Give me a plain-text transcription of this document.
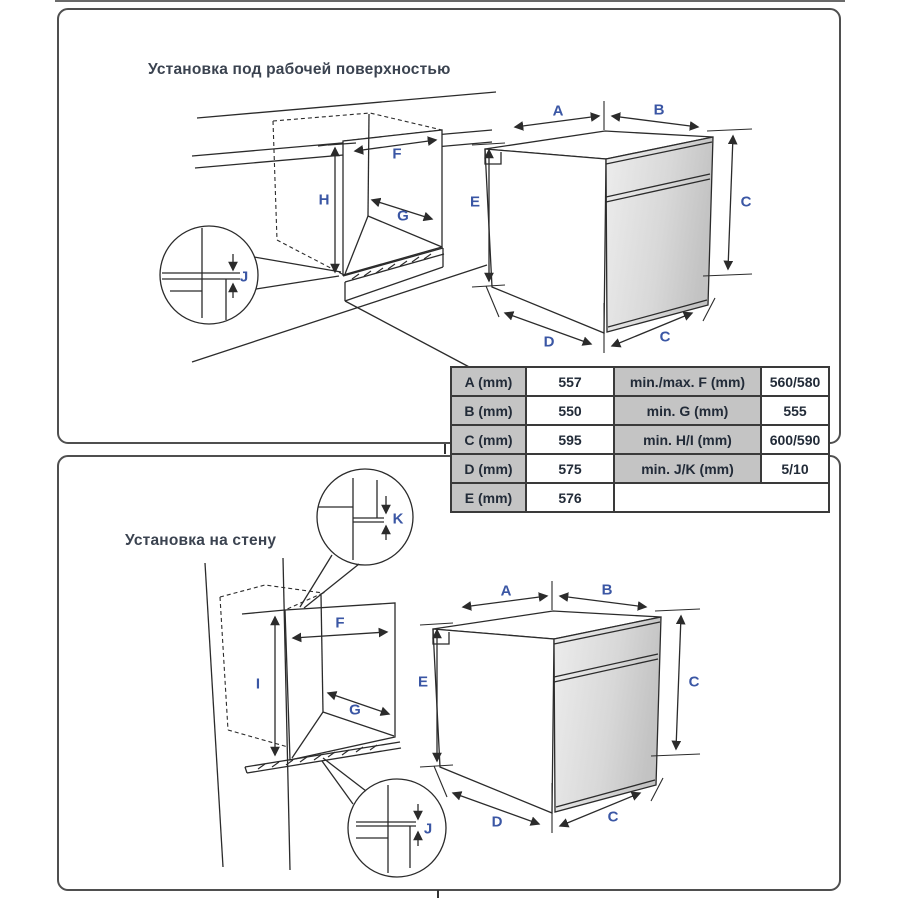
Установка под рабочей поверхностью
Установка на стену
F
H
G
J
K
F
I
G
J
A	B
E	C
D	C
A	B
E	C
D	C
A (mm)	557	min./max. F (mm)	560/580
B (mm)	550	min. G (mm)	555
C (mm)	595	min. H/I (mm)	600/590
D (mm)	575	min. J/K (mm)	5/10
E (mm)	576		
